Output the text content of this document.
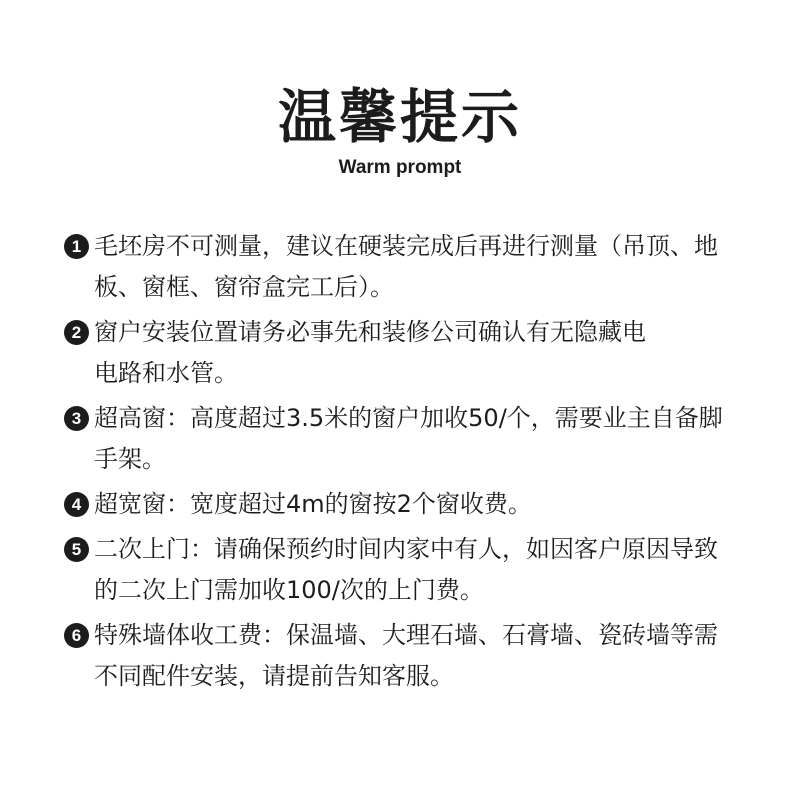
温馨提示
Warm prompt
1 毛坯房不可测量，建议在硬装完成后再进行测量（吊顶、地
板、窗框、窗帘盒完工后）。
2 窗户安装位置请务必事先和装修公司确认有无隐藏电
电路和水管。
3 超高窗：高度超过3.5米的窗户加收50/个，需要业主自备脚
手架。
4 超宽窗：宽度超过4m的窗按2个窗收费。
5 二次上门：请确保预约时间内家中有人，如因客户原因导致
的二次上门需加收100/次的上门费。
6 特殊墙体收工费：保温墙、大理石墙、石膏墙、瓷砖墙等需
不同配件安装，请提前告知客服。
